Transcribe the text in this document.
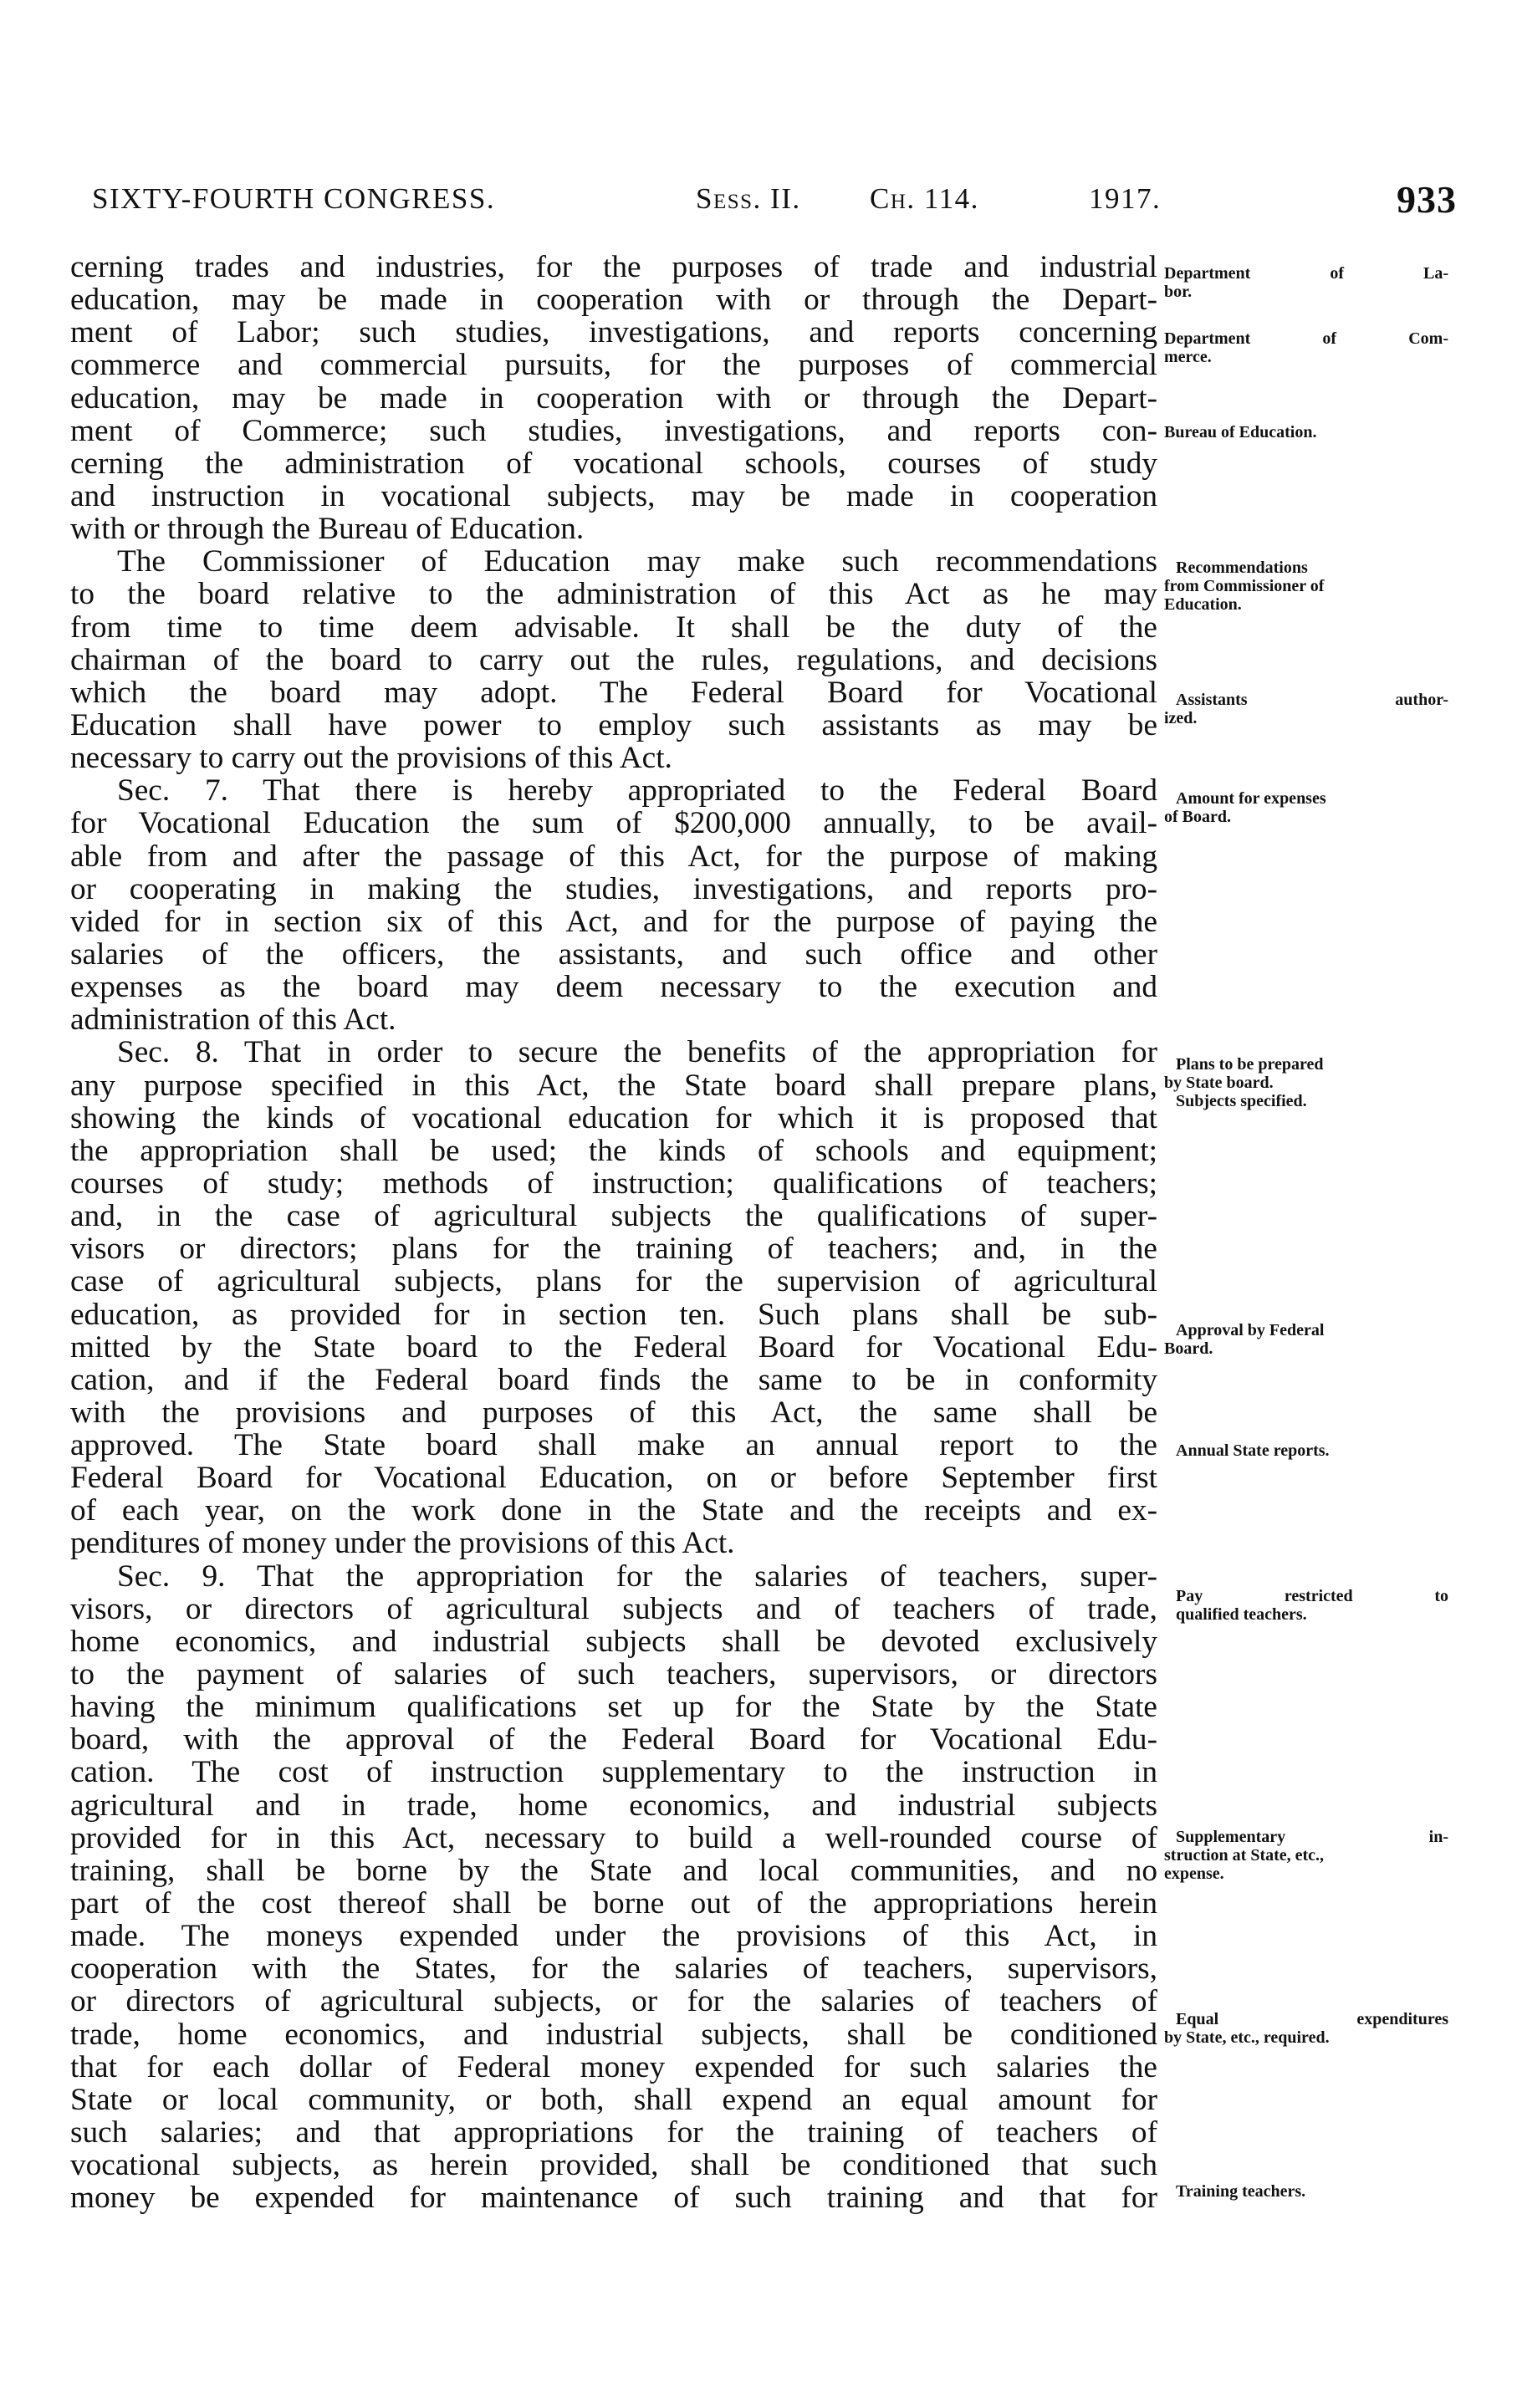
SIXTY-FOURTH CONGRESS.	Sess. II. Ch. 114.	1917.	933
cerning trades and industries, for the purposes of trade and industrial
education, may be made in cooperation with or through the Depart-
ment of Labor; such studies, investigations, and reports concerning
commerce and commercial pursuits, for the purposes of commercial
education, may be made in cooperation with or through the Depart-
ment of Commerce; such studies, investigations, and reports con-
cerning the administration of vocational schools, courses of study
and instruction in vocational subjects, may be made in cooperation
with or through the Bureau of Education.
The Commissioner of Education may make such recommendations
to the board relative to the administration of this Act as he may
from time to time deem advisable. It shall be the duty of the
chairman of the board to carry out the rules, regulations, and decisions
which the board may adopt. The Federal Board for Vocational
Education shall have power to employ such assistants as may be
necessary to carry out the provisions of this Act.
Sec. 7. That there is hereby appropriated to the Federal Board
for Vocational Education the sum of $200,000 annually, to be avail-
able from and after the passage of this Act, for the purpose of making
or cooperating in making the studies, investigations, and reports pro-
vided for in section six of this Act, and for the purpose of paying the
salaries of the officers, the assistants, and such office and other
expenses as the board may deem necessary to the execution and
administration of this Act.
Sec. 8. That in order to secure the benefits of the appropriation for
any purpose specified in this Act, the State board shall prepare plans,
showing the kinds of vocational education for which it is proposed that
the appropriation shall be used; the kinds of schools and equipment;
courses of study; methods of instruction; qualifications of teachers;
and, in the case of agricultural subjects the qualifications of super-
visors or directors; plans for the training of teachers; and, in the
case of agricultural subjects, plans for the supervision of agricultural
education, as provided for in section ten. Such plans shall be sub-
mitted by the State board to the Federal Board for Vocational Edu-
cation, and if the Federal board finds the same to be in conformity
with the provisions and purposes of this Act, the same shall be
approved. The State board shall make an annual report to the
Federal Board for Vocational Education, on or before September first
of each year, on the work done in the State and the receipts and ex-
penditures of money under the provisions of this Act.
Sec. 9. That the appropriation for the salaries of teachers, super-
visors, or directors of agricultural subjects and of teachers of trade,
home economics, and industrial subjects shall be devoted exclusively
to the payment of salaries of such teachers, supervisors, or directors
having the minimum qualifications set up for the State by the State
board, with the approval of the Federal Board for Vocational Edu-
cation. The cost of instruction supplementary to the instruction in
agricultural and in trade, home economics, and industrial subjects
provided for in this Act, necessary to build a well-rounded course of
training, shall be borne by the State and local communities, and no
part of the cost thereof shall be borne out of the appropriations herein
made. The moneys expended under the provisions of this Act, in
cooperation with the States, for the salaries of teachers, supervisors,
or directors of agricultural subjects, or for the salaries of teachers of
trade, home economics, and industrial subjects, shall be conditioned
that for each dollar of Federal money expended for such salaries the
State or local community, or both, shall expend an equal amount for
such salaries; and that appropriations for the training of teachers of
vocational subjects, as herein provided, shall be conditioned that such
money be expended for maintenance of such training and that for
Department of La-
bor.
Department of Com-
merce.
Bureau of Education.
Recommendations
from Commissioner of
Education.
Assistants author-
ized.
Amount for expenses
of Board.
Plans to be prepared
by State board.
Subjects specified.
Approval by Federal
Board.
Annual State reports.
Pay restricted to
qualified teachers.
Supplementary in-
struction at State, etc.,
expense.
Equal expenditures
by State, etc., required.
Training teachers.
